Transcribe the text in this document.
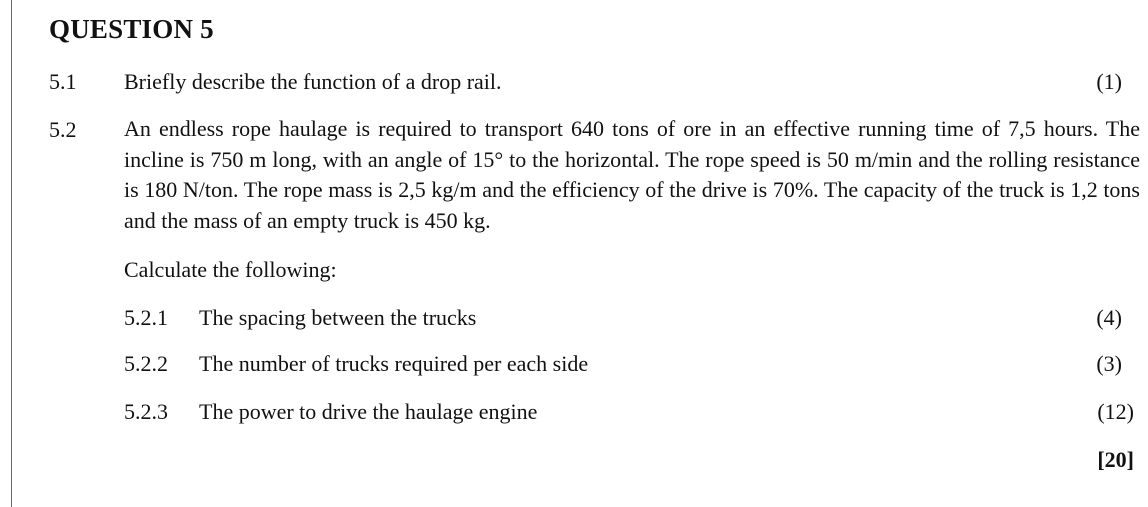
QUESTION 5
5.1 Briefly describe the function of a drop rail.	(1)
5.2 An endless rope haulage is required to transport 640 tons of ore in an effective running time of 7,5 hours. The incline is 750 m long, with an angle of 15° to the horizontal. The rope speed is 50 m/min and the rolling resistance is 180 N/ton. The rope mass is 2,5 kg/m and the efficiency of the drive is 70%. The capacity of the truck is 1,2 tons and the mass of an empty truck is 450 kg.
Calculate the following:
5.2.1 The spacing between the trucks	(4)
5.2.2 The number of trucks required per each side	(3)
5.2.3 The power to drive the haulage engine	(12)
[20]
